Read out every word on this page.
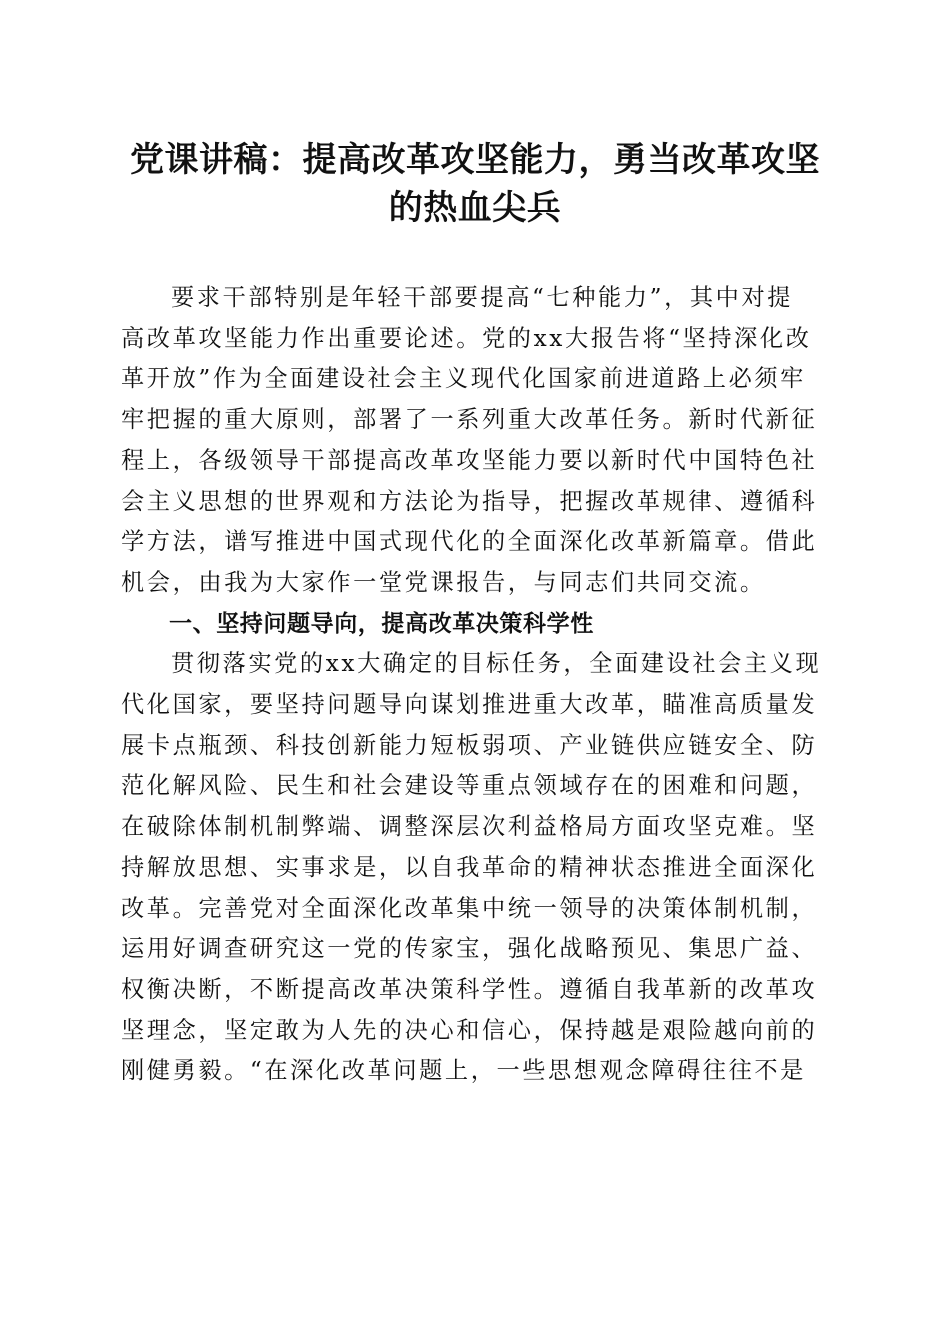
党课讲稿：提高改革攻坚能力，勇当改革攻坚
的热血尖兵

要求干部特别是年轻干部要提高“七种能力”，其中对提
高改革攻坚能力作出重要论述。党的xx大报告将“坚持深化改
革开放”作为全面建设社会主义现代化国家前进道路上必须牢
牢把握的重大原则，部署了一系列重大改革任务。新时代新征
程上，各级领导干部提高改革攻坚能力要以新时代中国特色社
会主义思想的世界观和方法论为指导，把握改革规律、遵循科
学方法，谱写推进中国式现代化的全面深化改革新篇章。借此
机会，由我为大家作一堂党课报告，与同志们共同交流。

一、坚持问题导向，提高改革决策科学性

贯彻落实党的xx大确定的目标任务，全面建设社会主义现
代化国家，要坚持问题导向谋划推进重大改革，瞄准高质量发
展卡点瓶颈、科技创新能力短板弱项、产业链供应链安全、防
范化解风险、民生和社会建设等重点领域存在的困难和问题，
在破除体制机制弊端、调整深层次利益格局方面攻坚克难。坚
持解放思想、实事求是，以自我革命的精神状态推进全面深化
改革。完善党对全面深化改革集中统一领导的决策体制机制，
运用好调查研究这一党的传家宝，强化战略预见、集思广益、
权衡决断，不断提高改革决策科学性。遵循自我革新的改革攻
坚理念，坚定敢为人先的决心和信心，保持越是艰险越向前的
刚健勇毅。“在深化改革问题上，一些思想观念障碍往往不是
